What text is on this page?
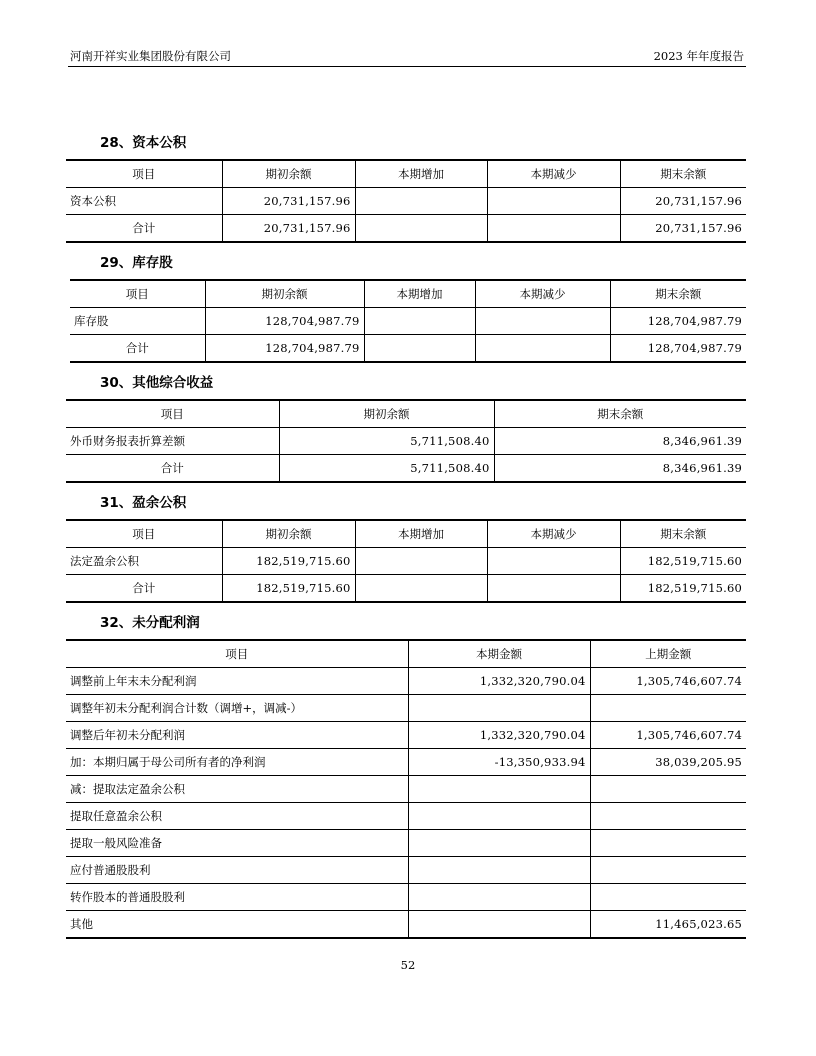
河南开祥实业集团股份有限公司	2023 年年度报告
28、资本公积
项目	期初余额	本期增加	本期减少	期末余额
资本公积	20,731,157.96			20,731,157.96
合计	20,731,157.96			20,731,157.96
29、库存股
项目	期初余额	本期增加	本期减少	期末余额
库存股	128,704,987.79			128,704,987.79
合计	128,704,987.79			128,704,987.79
30、其他综合收益
项目	期初余额	期末余额
外币财务报表折算差额	5,711,508.40	8,346,961.39
合计	5,711,508.40	8,346,961.39
31、盈余公积
项目	期初余额	本期增加	本期减少	期末余额
法定盈余公积	182,519,715.60			182,519,715.60
合计	182,519,715.60			182,519,715.60
32、未分配利润
项目	本期金额	上期金额
调整前上年末未分配利润	1,332,320,790.04	1,305,746,607.74
调整年初未分配利润合计数（调增+，调减-）		
调整后年初未分配利润	1,332,320,790.04	1,305,746,607.74
加：本期归属于母公司所有者的净利润	-13,350,933.94	38,039,205.95
减：提取法定盈余公积		
提取任意盈余公积		
提取一般风险准备		
应付普通股股利		
转作股本的普通股股利		
其他		11,465,023.65
52
